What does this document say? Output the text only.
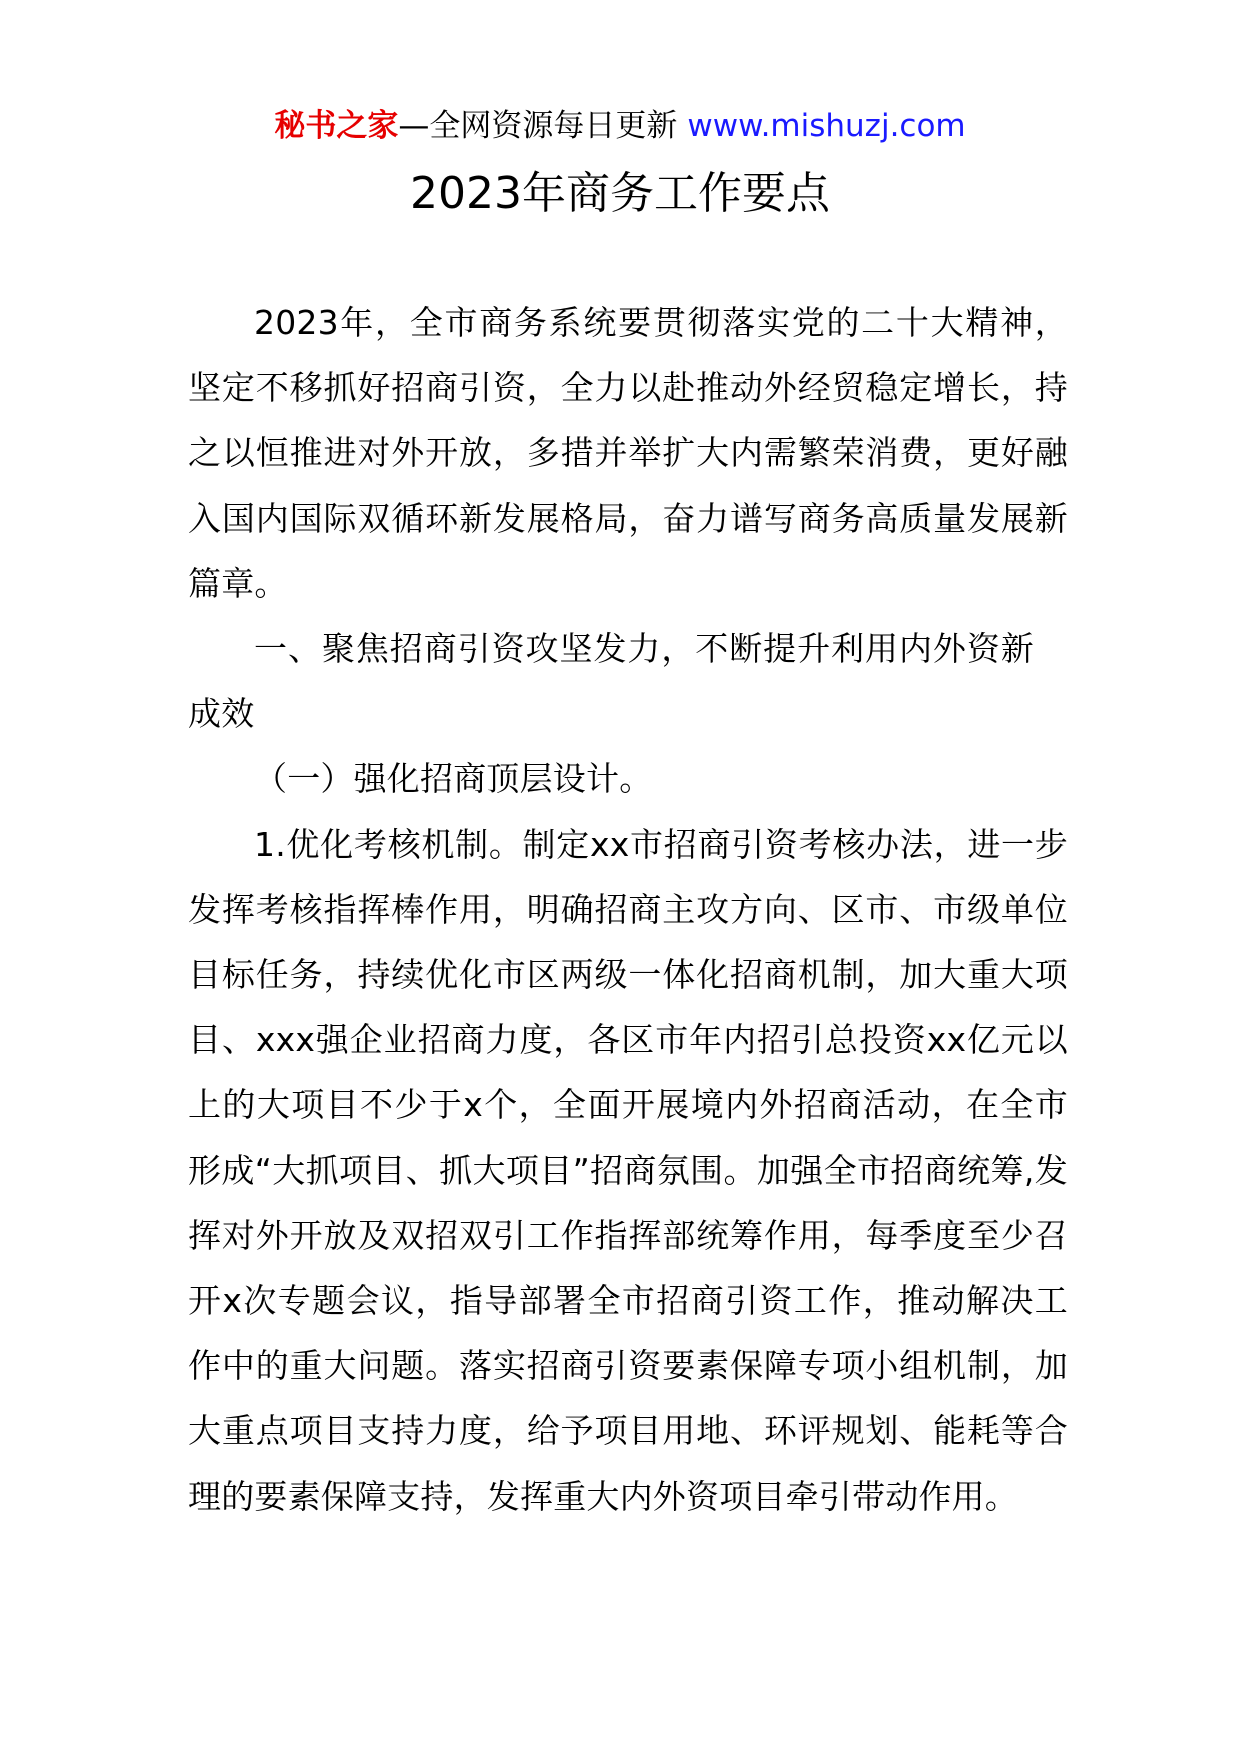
秘书之家—全网资源每日更新 www.mishuzj.com
2023年商务工作要点

2023年，全市商务系统要贯彻落实党的二十大精神，坚定不移抓好招商引资，全力以赴推动外经贸稳定增长，持之以恒推进对外开放，多措并举扩大内需繁荣消费，更好融入国内国际双循环新发展格局，奋力谱写商务高质量发展新篇章。

一、聚焦招商引资攻坚发力，不断提升利用内外资新成效

（一）强化招商顶层设计。

1.优化考核机制。制定xx市招商引资考核办法，进一步发挥考核指挥棒作用，明确招商主攻方向、区市、市级单位目标任务，持续优化市区两级一体化招商机制，加大重大项目、xxx强企业招商力度，各区市年内招引总投资xx亿元以上的大项目不少于x个，全面开展境内外招商活动，在全市形成“大抓项目、抓大项目”招商氛围。加强全市招商统筹,发挥对外开放及双招双引工作指挥部统筹作用，每季度至少召开x次专题会议，指导部署全市招商引资工作，推动解决工作中的重大问题。落实招商引资要素保障专项小组机制，加大重点项目支持力度，给予项目用地、环评规划、能耗等合理的要素保障支持，发挥重大内外资项目牵引带动作用。
